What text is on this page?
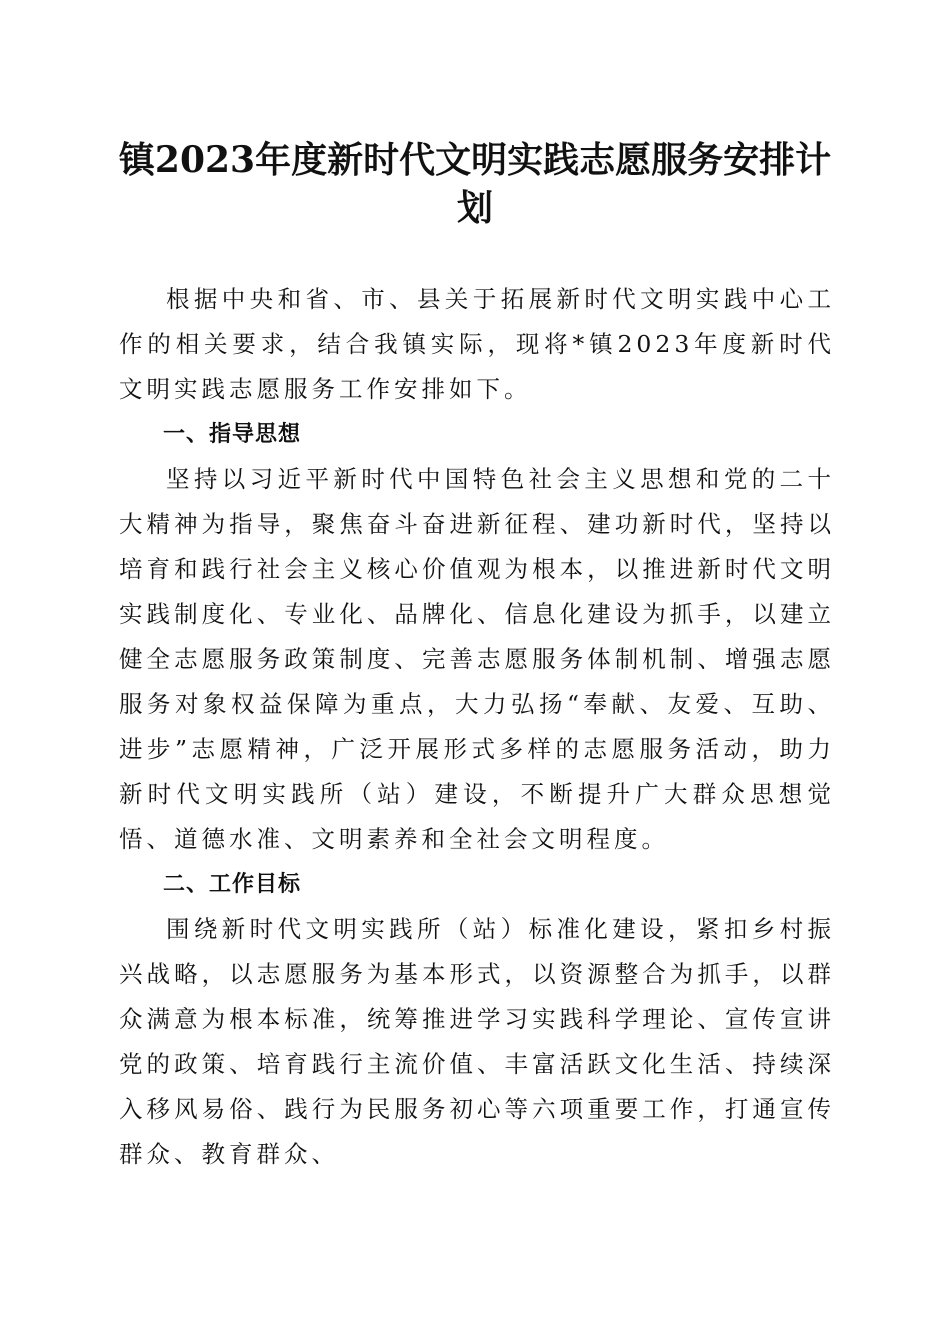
镇2023年度新时代文明实践志愿服务安排计划

根据中央和省、市、县关于拓展新时代文明实践中心工作的相关要求，结合我镇实际，现将*镇2023年度新时代文明实践志愿服务工作安排如下。

一、指导思想

坚持以习近平新时代中国特色社会主义思想和党的二十大精神为指导，聚焦奋斗奋进新征程、建功新时代，坚持以培育和践行社会主义核心价值观为根本，以推进新时代文明实践制度化、专业化、品牌化、信息化建设为抓手，以建立健全志愿服务政策制度、完善志愿服务体制机制、增强志愿服务对象权益保障为重点，大力弘扬“奉献、友爱、互助、进步”志愿精神，广泛开展形式多样的志愿服务活动，助力新时代文明实践所（站）建设，不断提升广大群众思想觉悟、道德水准、文明素养和全社会文明程度。

二、工作目标

围绕新时代文明实践所（站）标准化建设，紧扣乡村振兴战略，以志愿服务为基本形式，以资源整合为抓手，以群众满意为根本标准，统筹推进学习实践科学理论、宣传宣讲党的政策、培育践行主流价值、丰富活跃文化生活、持续深入移风易俗、践行为民服务初心等六项重要工作，打通宣传群众、教育群众、
